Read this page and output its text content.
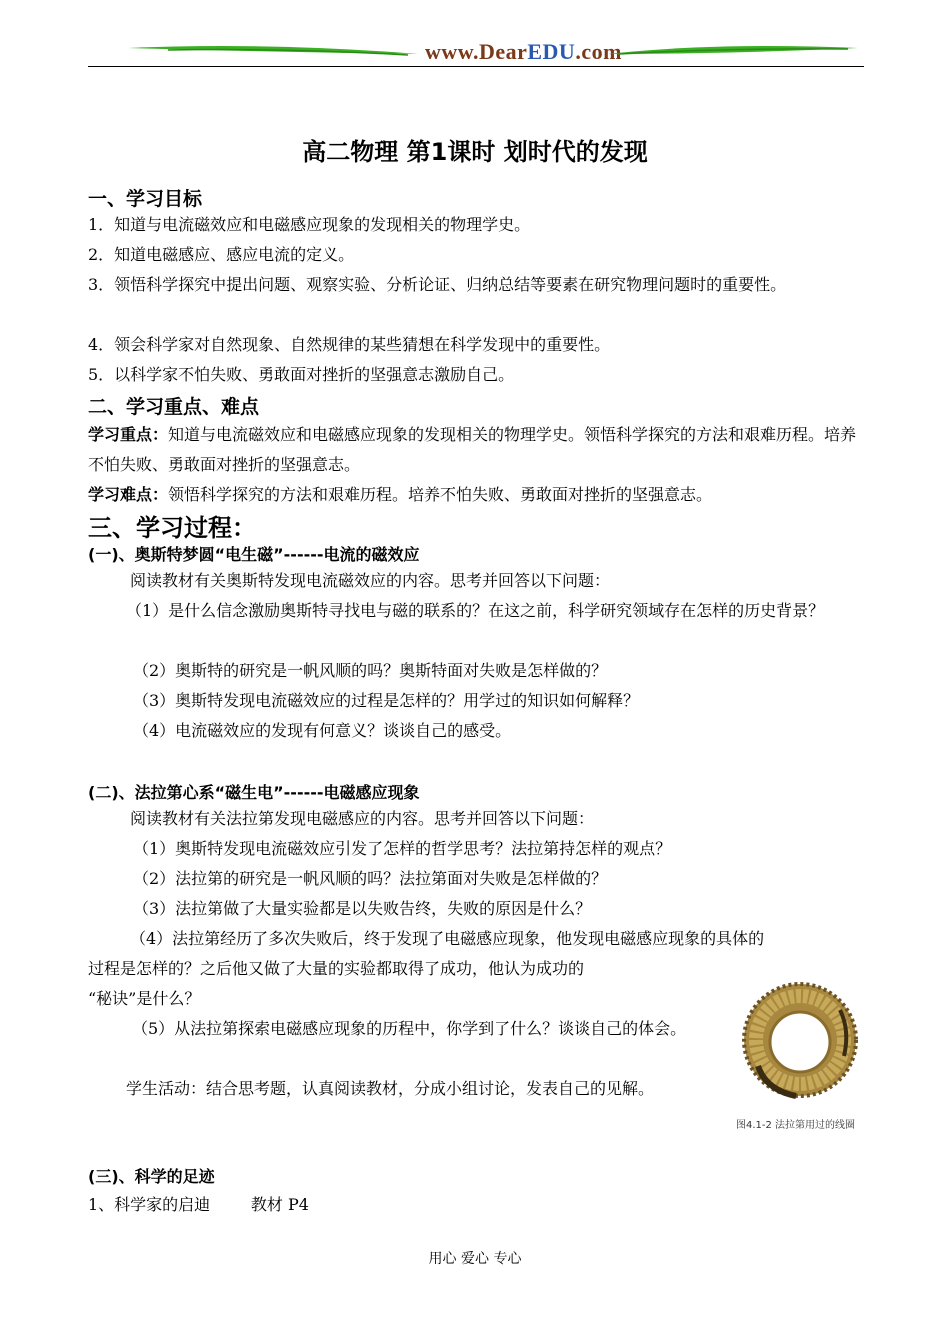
www.DearEDU.com
高二物理 第1课时 划时代的发现
一、学习目标
1．知道与电流磁效应和电磁感应现象的发现相关的物理学史。
2．知道电磁感应、感应电流的定义。
3．领悟科学探究中提出问题、观察实验、分析论证、归纳总结等要素在研究物理问题时的重要性。
4．领会科学家对自然现象、自然规律的某些猜想在科学发现中的重要性。
5．以科学家不怕失败、勇敢面对挫折的坚强意志激励自己。
二、学习重点、难点
学习重点：知道与电流磁效应和电磁感应现象的发现相关的物理学史。领悟科学探究的方法和艰难历程。培养不怕失败、勇敢面对挫折的坚强意志。
学习难点：领悟科学探究的方法和艰难历程。培养不怕失败、勇敢面对挫折的坚强意志。
三、学习过程：
(一)、奥斯特梦圆“电生磁”------电流的磁效应
阅读教材有关奥斯特发现电流磁效应的内容。思考并回答以下问题：
（1）是什么信念激励奥斯特寻找电与磁的联系的？在这之前，科学研究领域存在怎样的历史背景？
（2）奥斯特的研究是一帆风顺的吗？奥斯特面对失败是怎样做的？
（3）奥斯特发现电流磁效应的过程是怎样的？用学过的知识如何解释？
（4）电流磁效应的发现有何意义？谈谈自己的感受。
(二)、法拉第心系“磁生电”------电磁感应现象
阅读教材有关法拉第发现电磁感应的内容。思考并回答以下问题：
（1）奥斯特发现电流磁效应引发了怎样的哲学思考？法拉第持怎样的观点？
（2）法拉第的研究是一帆风顺的吗？法拉第面对失败是怎样做的？
（3）法拉第做了大量实验都是以失败告终，失败的原因是什么？
（4）法拉第经历了多次失败后，终于发现了电磁感应现象，他发现电磁感应现象的具体的
过程是怎样的？之后他又做了大量的实验都取得了成功，他认为成功的
“秘诀”是什么？
（5）从法拉第探索电磁感应现象的历程中，你学到了什么？谈谈自己的体会。
学生活动：结合思考题，认真阅读教材，分成小组讨论，发表自己的见解。
图4.1-2 法拉第用过的线圈
(三)、科学的足迹
1、科学家的启迪        教材 P4
用心 爱心 专心
